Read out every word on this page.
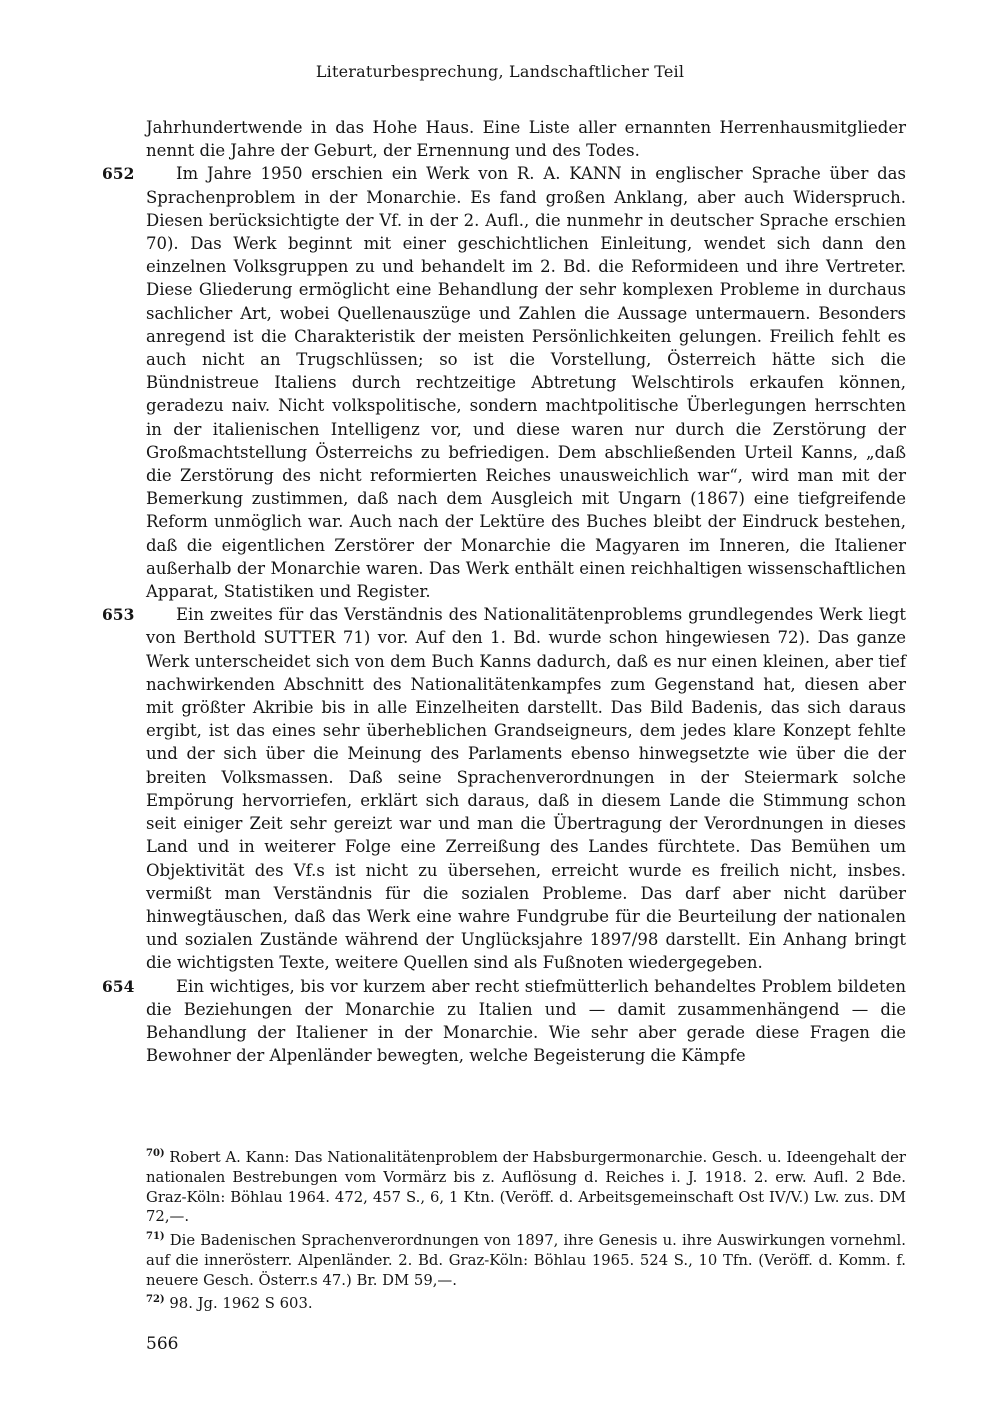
Literaturbesprechung, Landschaftlicher Teil

Jahrhundertwende in das Hohe Haus. Eine Liste aller ernannten Herrenhausmitglieder nennt die Jahre der Geburt, der Ernennung und des Todes.

652	Im Jahre 1950 erschien ein Werk von R. A. KANN in englischer Sprache über das Sprachenproblem in der Monarchie. Es fand großen Anklang, aber auch Widerspruch. Diesen berücksichtigte der Vf. in der 2. Aufl., die nunmehr in deutscher Sprache erschien 70). Das Werk beginnt mit einer geschichtlichen Einleitung, wendet sich dann den einzelnen Volksgruppen zu und behandelt im 2. Bd. die Reformideen und ihre Vertreter. Diese Gliederung ermöglicht eine Behandlung der sehr komplexen Probleme in durchaus sachlicher Art, wobei Quellenauszüge und Zahlen die Aussage untermauern. Besonders anregend ist die Charakteristik der meisten Persönlichkeiten gelungen. Freilich fehlt es auch nicht an Trugschlüssen; so ist die Vorstellung, Österreich hätte sich die Bündnistreue Italiens durch rechtzeitige Abtretung Welschtirols erkaufen können, geradezu naiv. Nicht volkspolitische, sondern machtpolitische Überlegungen herrschten in der italienischen Intelligenz vor, und diese waren nur durch die Zerstörung der Großmachtstellung Österreichs zu befriedigen. Dem abschließenden Urteil Kanns, „daß die Zerstörung des nicht reformierten Reiches unausweichlich war“, wird man mit der Bemerkung zustimmen, daß nach dem Ausgleich mit Ungarn (1867) eine tiefgreifende Reform unmöglich war. Auch nach der Lektüre des Buches bleibt der Eindruck bestehen, daß die eigentlichen Zerstörer der Monarchie die Magyaren im Inneren, die Italiener außerhalb der Monarchie waren. Das Werk enthält einen reichhaltigen wissenschaftlichen Apparat, Statistiken und Register.

653	Ein zweites für das Verständnis des Nationalitätenproblems grundlegendes Werk liegt von Berthold SUTTER 71) vor. Auf den 1. Bd. wurde schon hingewiesen 72). Das ganze Werk unterscheidet sich von dem Buch Kanns dadurch, daß es nur einen kleinen, aber tief nachwirkenden Abschnitt des Nationalitätenkampfes zum Gegenstand hat, diesen aber mit größter Akribie bis in alle Einzelheiten darstellt. Das Bild Badenis, das sich daraus ergibt, ist das eines sehr überheblichen Grandseigneurs, dem jedes klare Konzept fehlte und der sich über die Meinung des Parlaments ebenso hinwegsetzte wie über die der breiten Volksmassen. Daß seine Sprachenverordnungen in der Steiermark solche Empörung hervorriefen, erklärt sich daraus, daß in diesem Lande die Stimmung schon seit einiger Zeit sehr gereizt war und man die Übertragung der Verordnungen in dieses Land und in weiterer Folge eine Zerreißung des Landes fürchtete. Das Bemühen um Objektivität des Vf.s ist nicht zu übersehen, erreicht wurde es freilich nicht, insbes. vermißt man Verständnis für die sozialen Probleme. Das darf aber nicht darüber hinwegtäuschen, daß das Werk eine wahre Fundgrube für die Beurteilung der nationalen und sozialen Zustände während der Unglücksjahre 1897/98 darstellt. Ein Anhang bringt die wichtigsten Texte, weitere Quellen sind als Fußnoten wiedergegeben.

654	Ein wichtiges, bis vor kurzem aber recht stiefmütterlich behandeltes Problem bildeten die Beziehungen der Monarchie zu Italien und — damit zusammenhängend — die Behandlung der Italiener in der Monarchie. Wie sehr aber gerade diese Fragen die Bewohner der Alpenländer bewegten, welche Begeisterung die Kämpfe

$^{70)}$ Robert A. Kann: Das Nationalitätenproblem der Habsburgermonarchie. Gesch. u. Ideengehalt der nationalen Bestrebungen vom Vormärz bis z. Auflösung d. Reiches i. J. 1918. 2. erw. Aufl. 2 Bde. Graz-Köln: Böhlau 1964. 472, 457 S., 6, 1 Ktn. (Veröff. d. Arbeitsgemeinschaft Ost IV/V.) Lw. zus. DM 72,—.

$^{71)}$ Die Badenischen Sprachenverordnungen von 1897, ihre Genesis u. ihre Auswirkungen vornehml. auf die innerösterr. Alpenländer. 2. Bd. Graz-Köln: Böhlau 1965. 524 S., 10 Tfn. (Veröff. d. Komm. f. neuere Gesch. Österr.s 47.) Br. DM 59,—.

$^{72)}$ 98. Jg. 1962 S 603.

566
